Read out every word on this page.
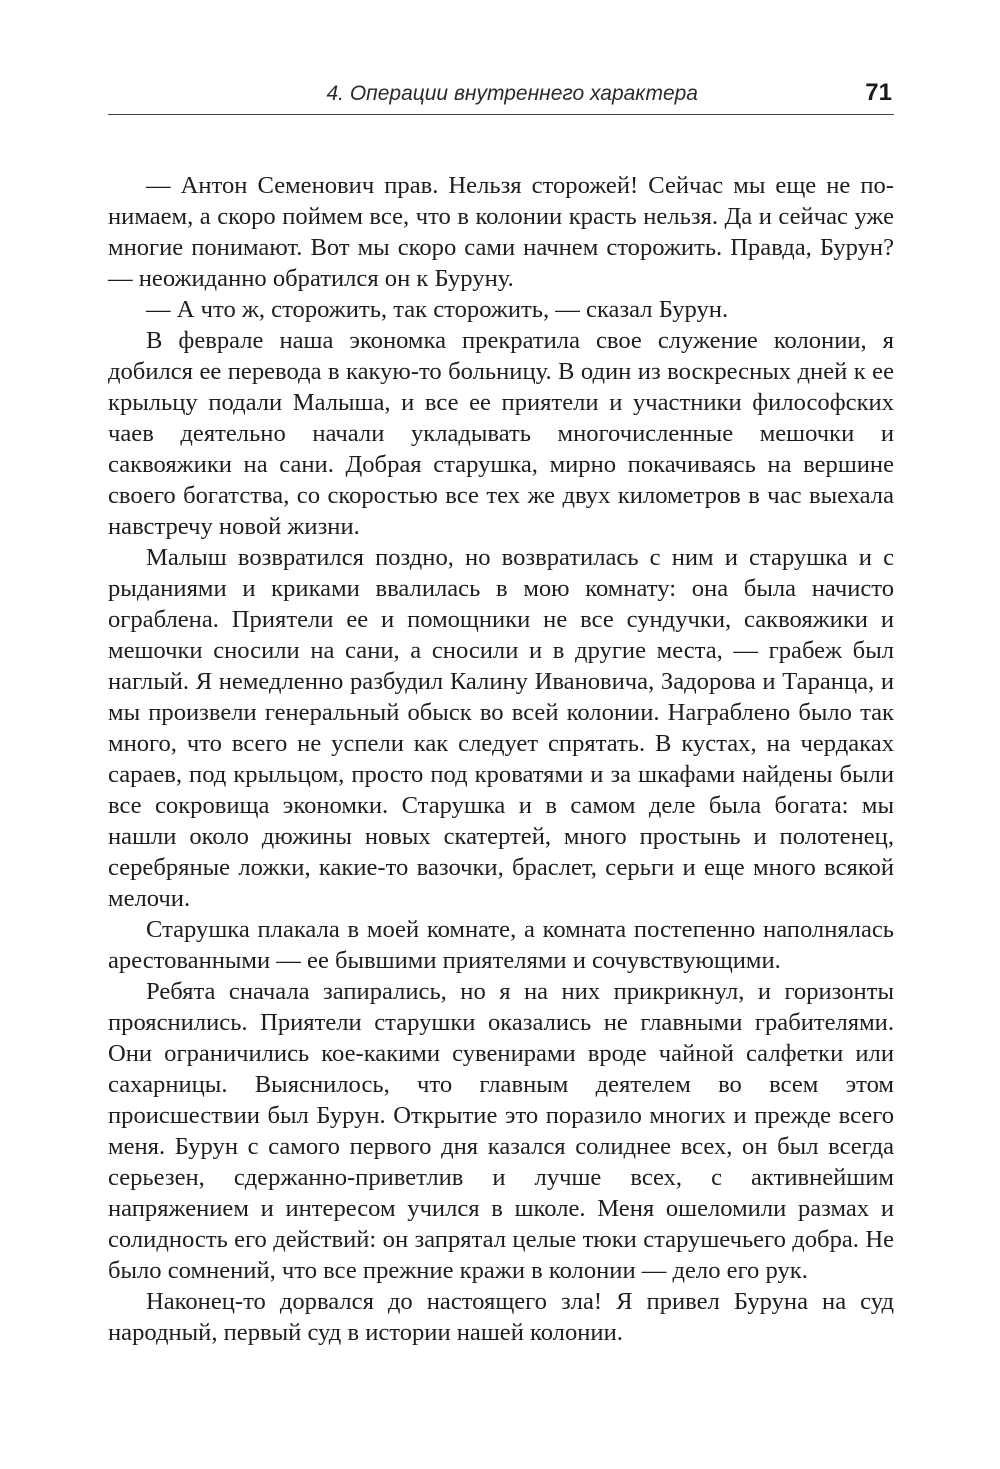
4. Операции внутреннего характера	71

— Антон Семенович прав. Нельзя сторожей! Сейчас мы еще не понимаем, а скоро поймем все, что в колонии красть нельзя. Да и сейчас уже многие понимают. Вот мы скоро сами начнем сторожить. Правда, Бурун? — неожиданно обратился он к Буруну.

— А что ж, сторожить, так сторожить, — сказал Бурун.

В феврале наша экономка прекратила свое служение колонии, я добился ее перевода в какую-то больницу. В один из воскресных дней к ее крыльцу подали Малыша, и все ее приятели и участники философских чаев деятельно начали укладывать многочисленные мешочки и саквояжики на сани. Добрая старушка, мирно покачиваясь на вершине своего богатства, со скоростью все тех же двух километров в час выехала навстречу новой жизни.

Малыш возвратился поздно, но возвратилась с ним и старушка и с рыданиями и криками ввалилась в мою комнату: она была начисто ограблена. Приятели ее и помощники не все сундучки, саквояжики и мешочки сносили на сани, а сносили и в другие места, — грабеж был наглый. Я немедленно разбудил Калину Ивановича, Задорова и Таранца, и мы произвели генеральный обыск во всей колонии. Награблено было так много, что всего не успели как следует спрятать. В кустах, на чердаках сараев, под крыльцом, просто под кроватями и за шкафами найдены были все сокровища экономки. Старушка и в самом деле была богата: мы нашли около дюжины новых скатертей, много простынь и полотенец, серебряные ложки, какие-то вазочки, браслет, серьги и еще много всякой мелочи.

Старушка плакала в моей комнате, а комната постепенно наполнялась арестованными — ее бывшими приятелями и сочувствующими.

Ребята сначала запирались, но я на них прикрикнул, и горизонты прояснились. Приятели старушки оказались не главными грабителями. Они ограничились кое-какими сувенирами вроде чайной салфетки или сахарницы. Выяснилось, что главным деятелем во всем этом происшествии был Бурун. Открытие это поразило многих и прежде всего меня. Бурун с самого первого дня казался солиднее всех, он был всегда серьезен, сдержанно-приветлив и лучше всех, с активнейшим напряжением и интересом учился в школе. Меня ошеломили размах и солидность его действий: он запрятал целые тюки старушечьего добра. Не было сомнений, что все прежние кражи в колонии — дело его рук.

Наконец-то дорвался до настоящего зла! Я привел Буруна на суд народный, первый суд в истории нашей колонии.
